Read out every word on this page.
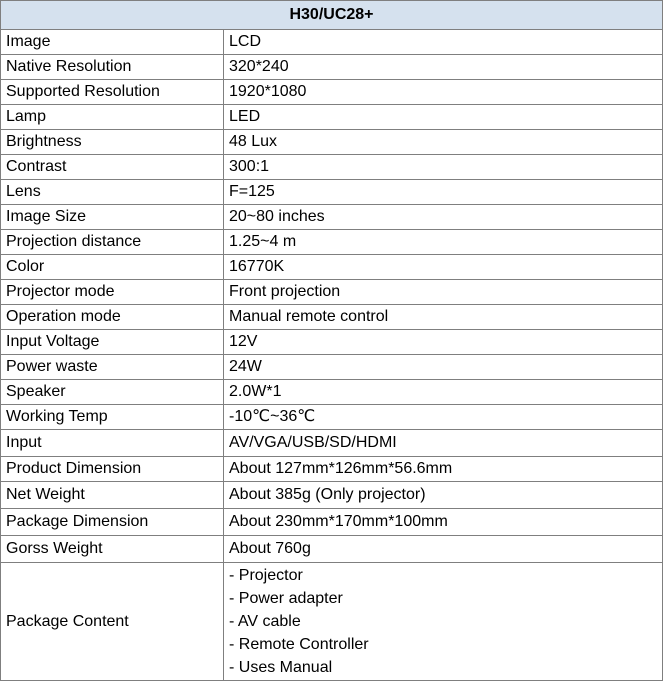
H30/UC28+	
Image	LCD
Native Resolution	320*240
Supported Resolution	1920*1080
Lamp	LED
Brightness	48 Lux
Contrast	300:1
Lens	F=125
Image Size	20~80 inches
Projection distance	1.25~4 m
Color	16770K
Projector mode	Front projection
Operation mode	Manual remote control
Input Voltage	12V
Power waste	24W
Speaker	2.0W*1
Working Temp	-10℃~36℃
Input	AV/VGA/USB/SD/HDMI
Product Dimension	About 127mm*126mm*56.6mm
Net Weight	About 385g (Only projector)
Package Dimension	About 230mm*170mm*100mm
Gorss Weight	About 760g
Package Content	- Projector
- Power adapter
- AV cable
- Remote Controller
- Uses Manual
